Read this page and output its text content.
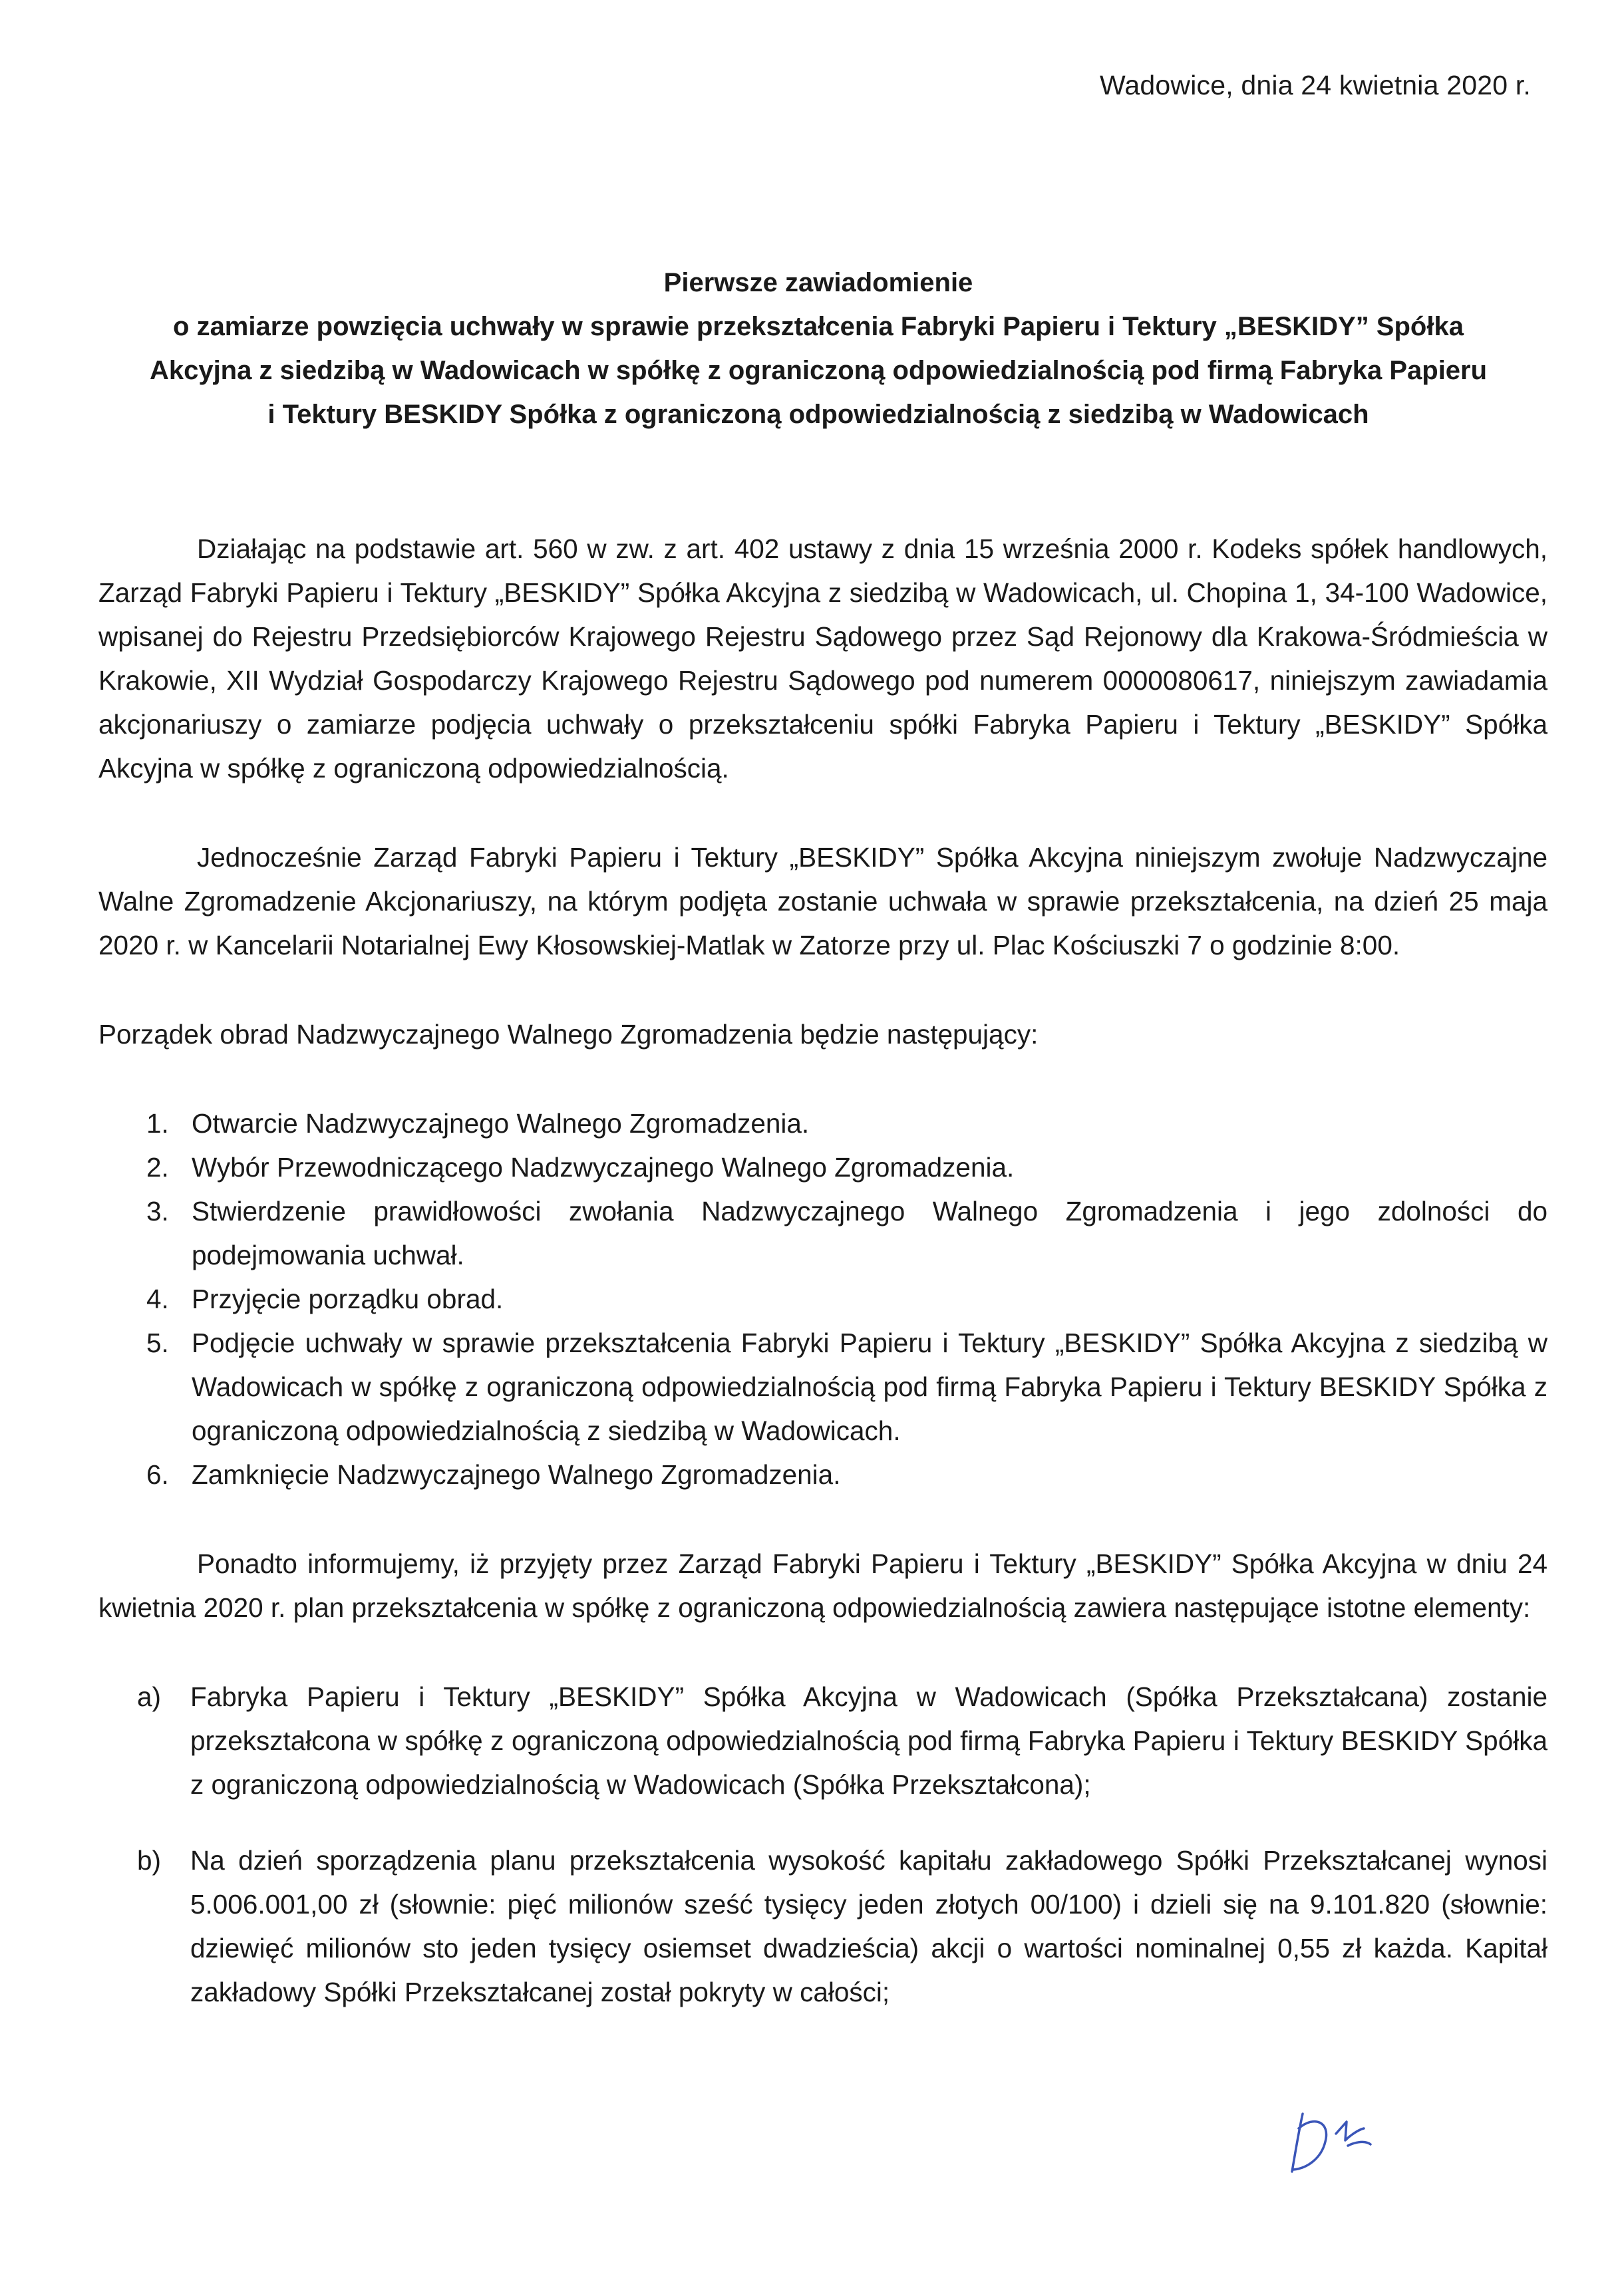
Wadowice, dnia 24 kwietnia 2020 r.
Pierwsze zawiadomienie
o zamiarze powzięcia uchwały w sprawie przekształcenia Fabryki Papieru i Tektury „BESKIDY” Spółka
Akcyjna z siedzibą w Wadowicach w spółkę z ograniczoną odpowiedzialnością pod firmą Fabryka Papieru
i Tektury BESKIDY Spółka z ograniczoną odpowiedzialnością z siedzibą w Wadowicach

Działając na podstawie art. 560 w zw. z art. 402 ustawy z dnia 15 września 2000 r. Kodeks spółek handlowych, Zarząd Fabryki Papieru i Tektury „BESKIDY” Spółka Akcyjna z siedzibą w Wadowicach, ul. Chopina 1, 34-100 Wadowice, wpisanej do Rejestru Przedsiębiorców Krajowego Rejestru Sądowego przez Sąd Rejonowy dla Krakowa-Śródmieścia w Krakowie, XII Wydział Gospodarczy Krajowego Rejestru Sądowego pod numerem 0000080617, niniejszym zawiadamia akcjonariuszy o zamiarze podjęcia uchwały o przekształceniu spółki Fabryka Papieru i Tektury „BESKIDY” Spółka Akcyjna w spółkę z ograniczoną odpowiedzialnością.

Jednocześnie Zarząd Fabryki Papieru i Tektury „BESKIDY” Spółka Akcyjna niniejszym zwołuje Nadzwyczajne Walne Zgromadzenie Akcjonariuszy, na którym podjęta zostanie uchwała w sprawie przekształcenia, na dzień 25 maja 2020 r. w Kancelarii Notarialnej Ewy Kłosowskiej-Matlak w Zatorze przy ul. Plac Kościuszki 7 o godzinie 8:00.

Porządek obrad Nadzwyczajnego Walnego Zgromadzenia będzie następujący:

1. Otwarcie Nadzwyczajnego Walnego Zgromadzenia.
2. Wybór Przewodniczącego Nadzwyczajnego Walnego Zgromadzenia.
3. Stwierdzenie prawidłowości zwołania Nadzwyczajnego Walnego Zgromadzenia i jego zdolności do podejmowania uchwał.
4. Przyjęcie porządku obrad.
5. Podjęcie uchwały w sprawie przekształcenia Fabryki Papieru i Tektury „BESKIDY” Spółka Akcyjna z siedzibą w Wadowicach w spółkę z ograniczoną odpowiedzialnością pod firmą Fabryka Papieru i Tektury BESKIDY Spółka z ograniczoną odpowiedzialnością z siedzibą w Wadowicach.
6. Zamknięcie Nadzwyczajnego Walnego Zgromadzenia.

Ponadto informujemy, iż przyjęty przez Zarząd Fabryki Papieru i Tektury „BESKIDY” Spółka Akcyjna w dniu 24 kwietnia 2020 r. plan przekształcenia w spółkę z ograniczoną odpowiedzialnością zawiera następujące istotne elementy:

a) Fabryka Papieru i Tektury „BESKIDY” Spółka Akcyjna w Wadowicach (Spółka Przekształcana) zostanie przekształcona w spółkę z ograniczoną odpowiedzialnością pod firmą Fabryka Papieru i Tektury BESKIDY Spółka z ograniczoną odpowiedzialnością w Wadowicach (Spółka Przekształcona);
b) Na dzień sporządzenia planu przekształcenia wysokość kapitału zakładowego Spółki Przekształcanej wynosi 5.006.001,00 zł (słownie: pięć milionów sześć tysięcy jeden złotych 00/100) i dzieli się na 9.101.820 (słownie: dziewięć milionów sto jeden tysięcy osiemset dwadzieścia) akcji o wartości nominalnej 0,55 zł każda. Kapitał zakładowy Spółki Przekształcanej został pokryty w całości;
